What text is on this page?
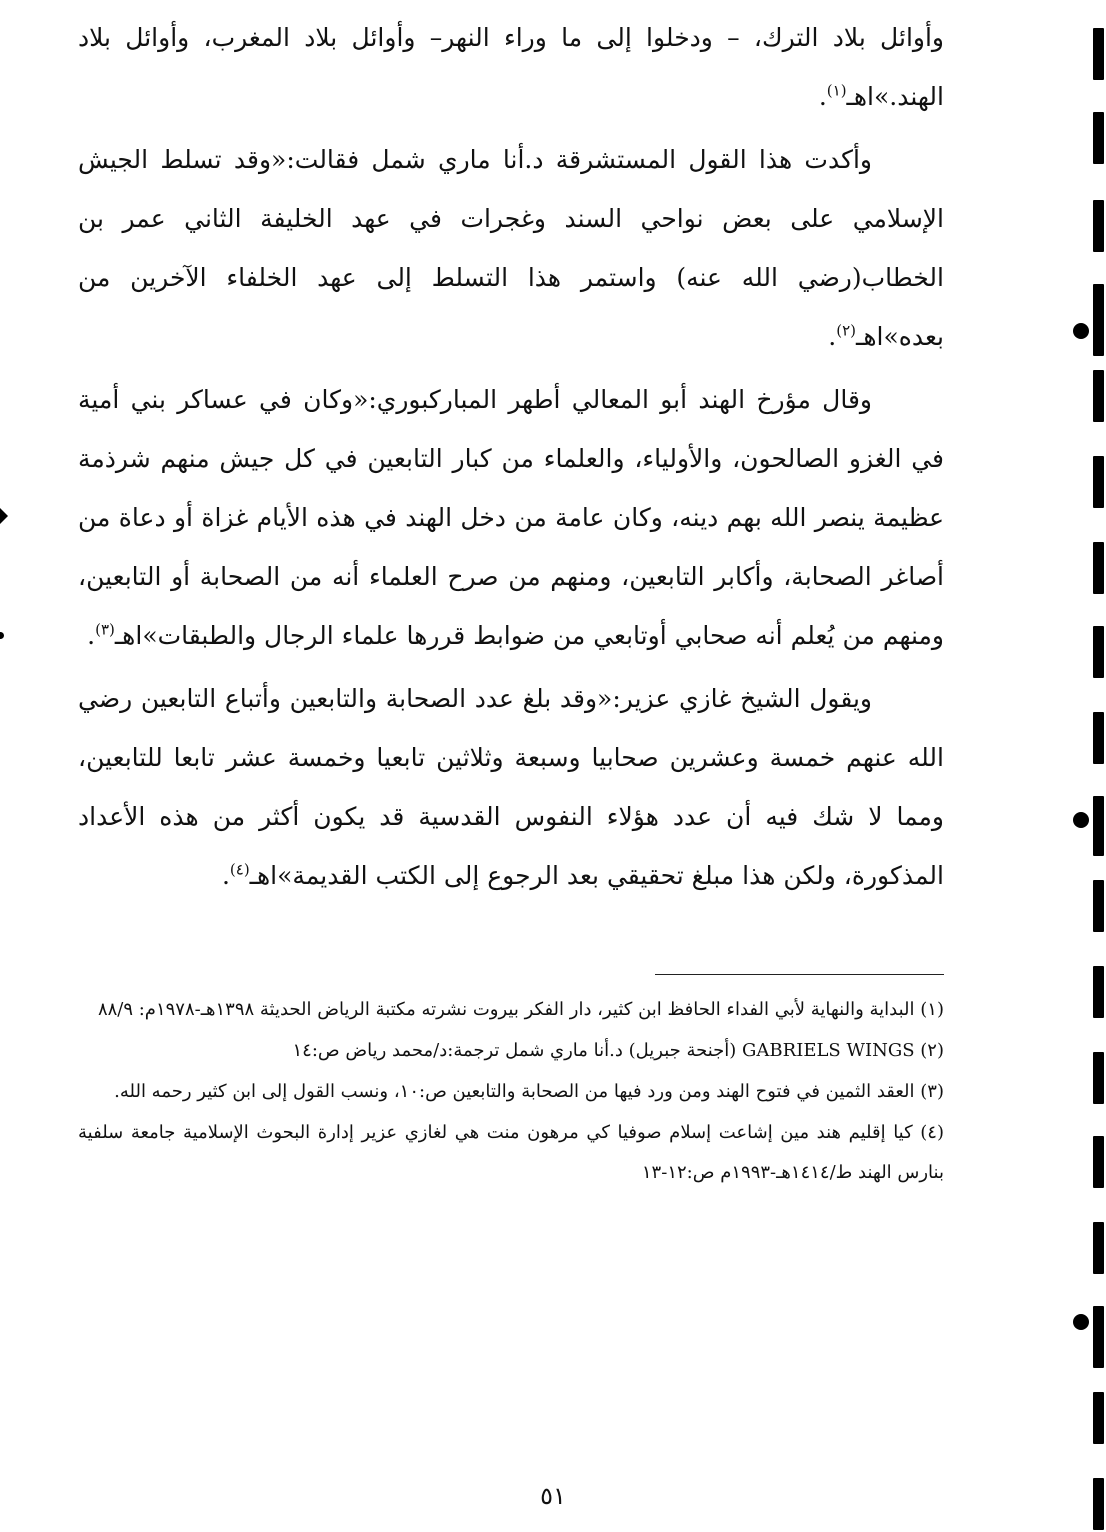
وأوائل بلاد الترك، – ودخلوا إلى ما وراء النهر– وأوائل بلاد المغرب، وأوائل بلاد الهند.»اهـ$^{(١)}$.

وأكدت هذا القول المستشرقة د.أنا ماري شمل فقالت:«وقد تسلط الجيش الإسلامي على بعض نواحي السند وغجرات في عهد الخليفة الثاني عمر بن الخطاب(رضي الله عنه) واستمر هذا التسلط إلى عهد الخلفاء الآخرين من بعده»اهـ$^{(٢)}$.

وقال مؤرخ الهند أبو المعالي أطهر المباركبوري:«وكان في عساكر بني أمية في الغزو الصالحون، والأولياء، والعلماء من كبار التابعين في كل جيش منهم شرذمة عظيمة ينصر الله بهم دينه، وكان عامة من دخل الهند في هذه الأيام غزاة أو دعاة من أصاغر الصحابة، وأكابر التابعين، ومنهم من صرح العلماء أنه من الصحابة أو التابعين، ومنهم من يُعلم أنه صحابي أوتابعي من ضوابط قررها علماء الرجال والطبقات»اهـ$^{(٣)}$.

ويقول الشيخ غازي عزير:«وقد بلغ عدد الصحابة والتابعين وأتباع التابعين رضي الله عنهم خمسة وعشرين صحابيا وسبعة وثلاثين تابعيا وخمسة عشر تابعا للتابعين، ومما لا شك فيه أن عدد هؤلاء النفوس القدسية قد يكون أكثر من هذه الأعداد المذكورة، ولكن هذا مبلغ تحقيقي بعد الرجوع إلى الكتب القديمة»اهـ$^{(٤)}$.

(١) البداية والنهاية لأبي الفداء الحافظ ابن كثير، دار الفكر بيروت نشرته مكتبة الرياض الحديثة ١٣٩٨هـ-١٩٧٨م: ٨٨/٩

(٢) GABRIELS WINGS (أجنحة جبريل) د.أنا ماري شمل ترجمة:د/محمد رياض ص:١٤

(٣) العقد الثمين في فتوح الهند ومن ورد فيها من الصحابة والتابعين ص:١٠، ونسب القول إلى ابن كثير رحمه الله.

(٤) كيا إقليم هند مين إشاعت إسلام صوفيا كي مرهون منت هي لغازي عزير إدارة البحوث الإسلامية جامعة سلفية بنارس الهند ط/١٤١٤هـ-١٩٩٣م ص:١٢-١٣

٥١
